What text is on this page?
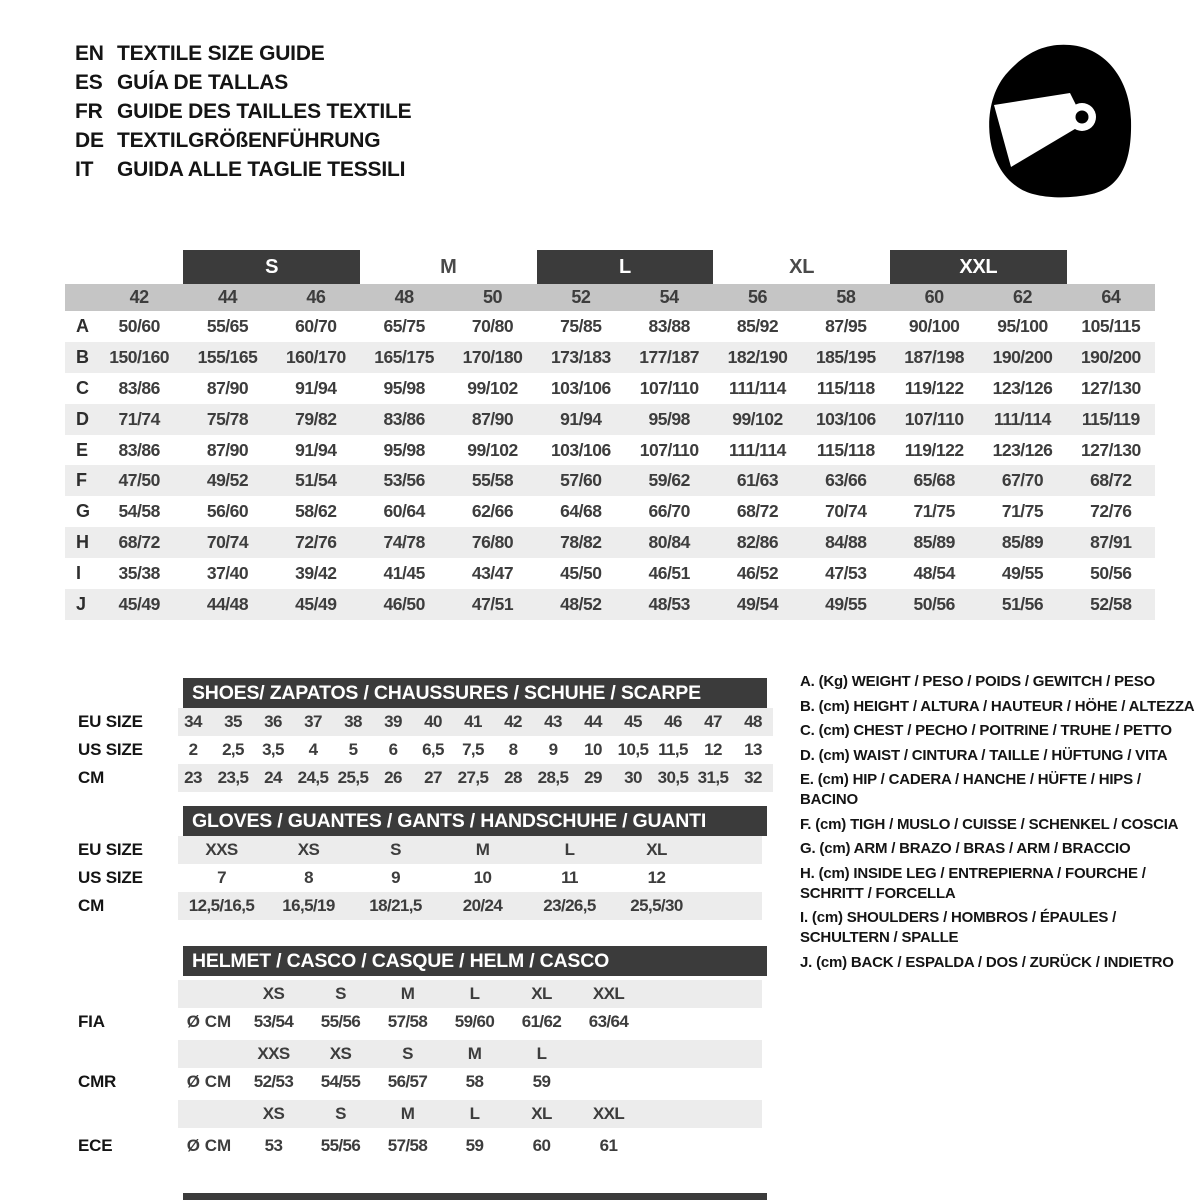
EN TEXTILE SIZE GUIDE
ES GUÍA DE TALLAS
FR GUIDE DES TAILLES TEXTILE
DE TEXTILGRÖßENFÜHRUNG
IT GUIDA ALLE TAGLIE TESSILI
S	M	L	XL	XXL
42	44	46	48	50	52	54	56	58	60	62	64
A	50/60	55/65	60/70	65/75	70/80	75/85	83/88	85/92	87/95	90/100	95/100	105/115
B	150/160	155/165	160/170	165/175	170/180	173/183	177/187	182/190	185/195	187/198	190/200	190/200
C	83/86	87/90	91/94	95/98	99/102	103/106	107/110	111/114	115/118	119/122	123/126	127/130
D	71/74	75/78	79/82	83/86	87/90	91/94	95/98	99/102	103/106	107/110	111/114	115/119
E	83/86	87/90	91/94	95/98	99/102	103/106	107/110	111/114	115/118	119/122	123/126	127/130
F	47/50	49/52	51/54	53/56	55/58	57/60	59/62	61/63	63/66	65/68	67/70	68/72
G	54/58	56/60	58/62	60/64	62/66	64/68	66/70	68/72	70/74	71/75	71/75	72/76
H	68/72	70/74	72/76	74/78	76/80	78/82	80/84	82/86	84/88	85/89	85/89	87/91
I	35/38	37/40	39/42	41/45	43/47	45/50	46/51	46/52	47/53	48/54	49/55	50/56
J	45/49	44/48	45/49	46/50	47/51	48/52	48/53	49/54	49/55	50/56	51/56	52/58
SHOES/ ZAPATOS / CHAUSSURES / SCHUHE / SCARPE
EU SIZE	34	35	36	37	38	39	40	41	42	43	44	45	46	47	48
US SIZE	2	2,5	3,5	4	5	6	6,5	7,5	8	9	10 10,5 11,5 12	13
CM	23 23,5 24 24,5 25,5 26	27 27,5 28 28,5 29	30 30,5 31,5 32
GLOVES / GUANTES / GANTS / HANDSCHUHE / GUANTI
EU SIZE	XXS	XS	S	M	L	XL
US SIZE	7	8	9	10	11	12
CM	12,5/16,5	16,5/19	18/21,5	20/24	23/26,5	25,5/30
HELMET / CASCO / CASQUE / HELM / CASCO
XS	S	M	L	XL	XXL
FIA	Ø CM	53/54	55/56	57/58	59/60	61/62	63/64
XXS	XS	S	M	L
CMR	Ø CM	52/53	54/55	56/57	58	59
XS	S	M	L	XL	XXL
ECE	Ø CM	53	55/56	57/58	59	60	61
A. (Kg) WEIGHT / PESO / POIDS / GEWITCH / PESO
B. (cm) HEIGHT / ALTURA / HAUTEUR / HÖHE / ALTEZZA
C. (cm) CHEST / PECHO / POITRINE / TRUHE / PETTO
D. (cm) WAIST / CINTURA / TAILLE / HÜFTUNG / VITA
E. (cm) HIP / CADERA / HANCHE / HÜFTE / HIPS / BACINO
F. (cm) TIGH / MUSLO / CUISSE / SCHENKEL / COSCIA
G. (cm) ARM / BRAZO / BRAS / ARM / BRACCIO
H. (cm) INSIDE LEG / ENTREPIERNA / FOURCHE / SCHRITT / FORCELLA
I. (cm) SHOULDERS / HOMBROS / ÉPAULES / SCHULTERN / SPALLE
J. (cm) BACK / ESPALDA / DOS / ZURÜCK / INDIETRO
